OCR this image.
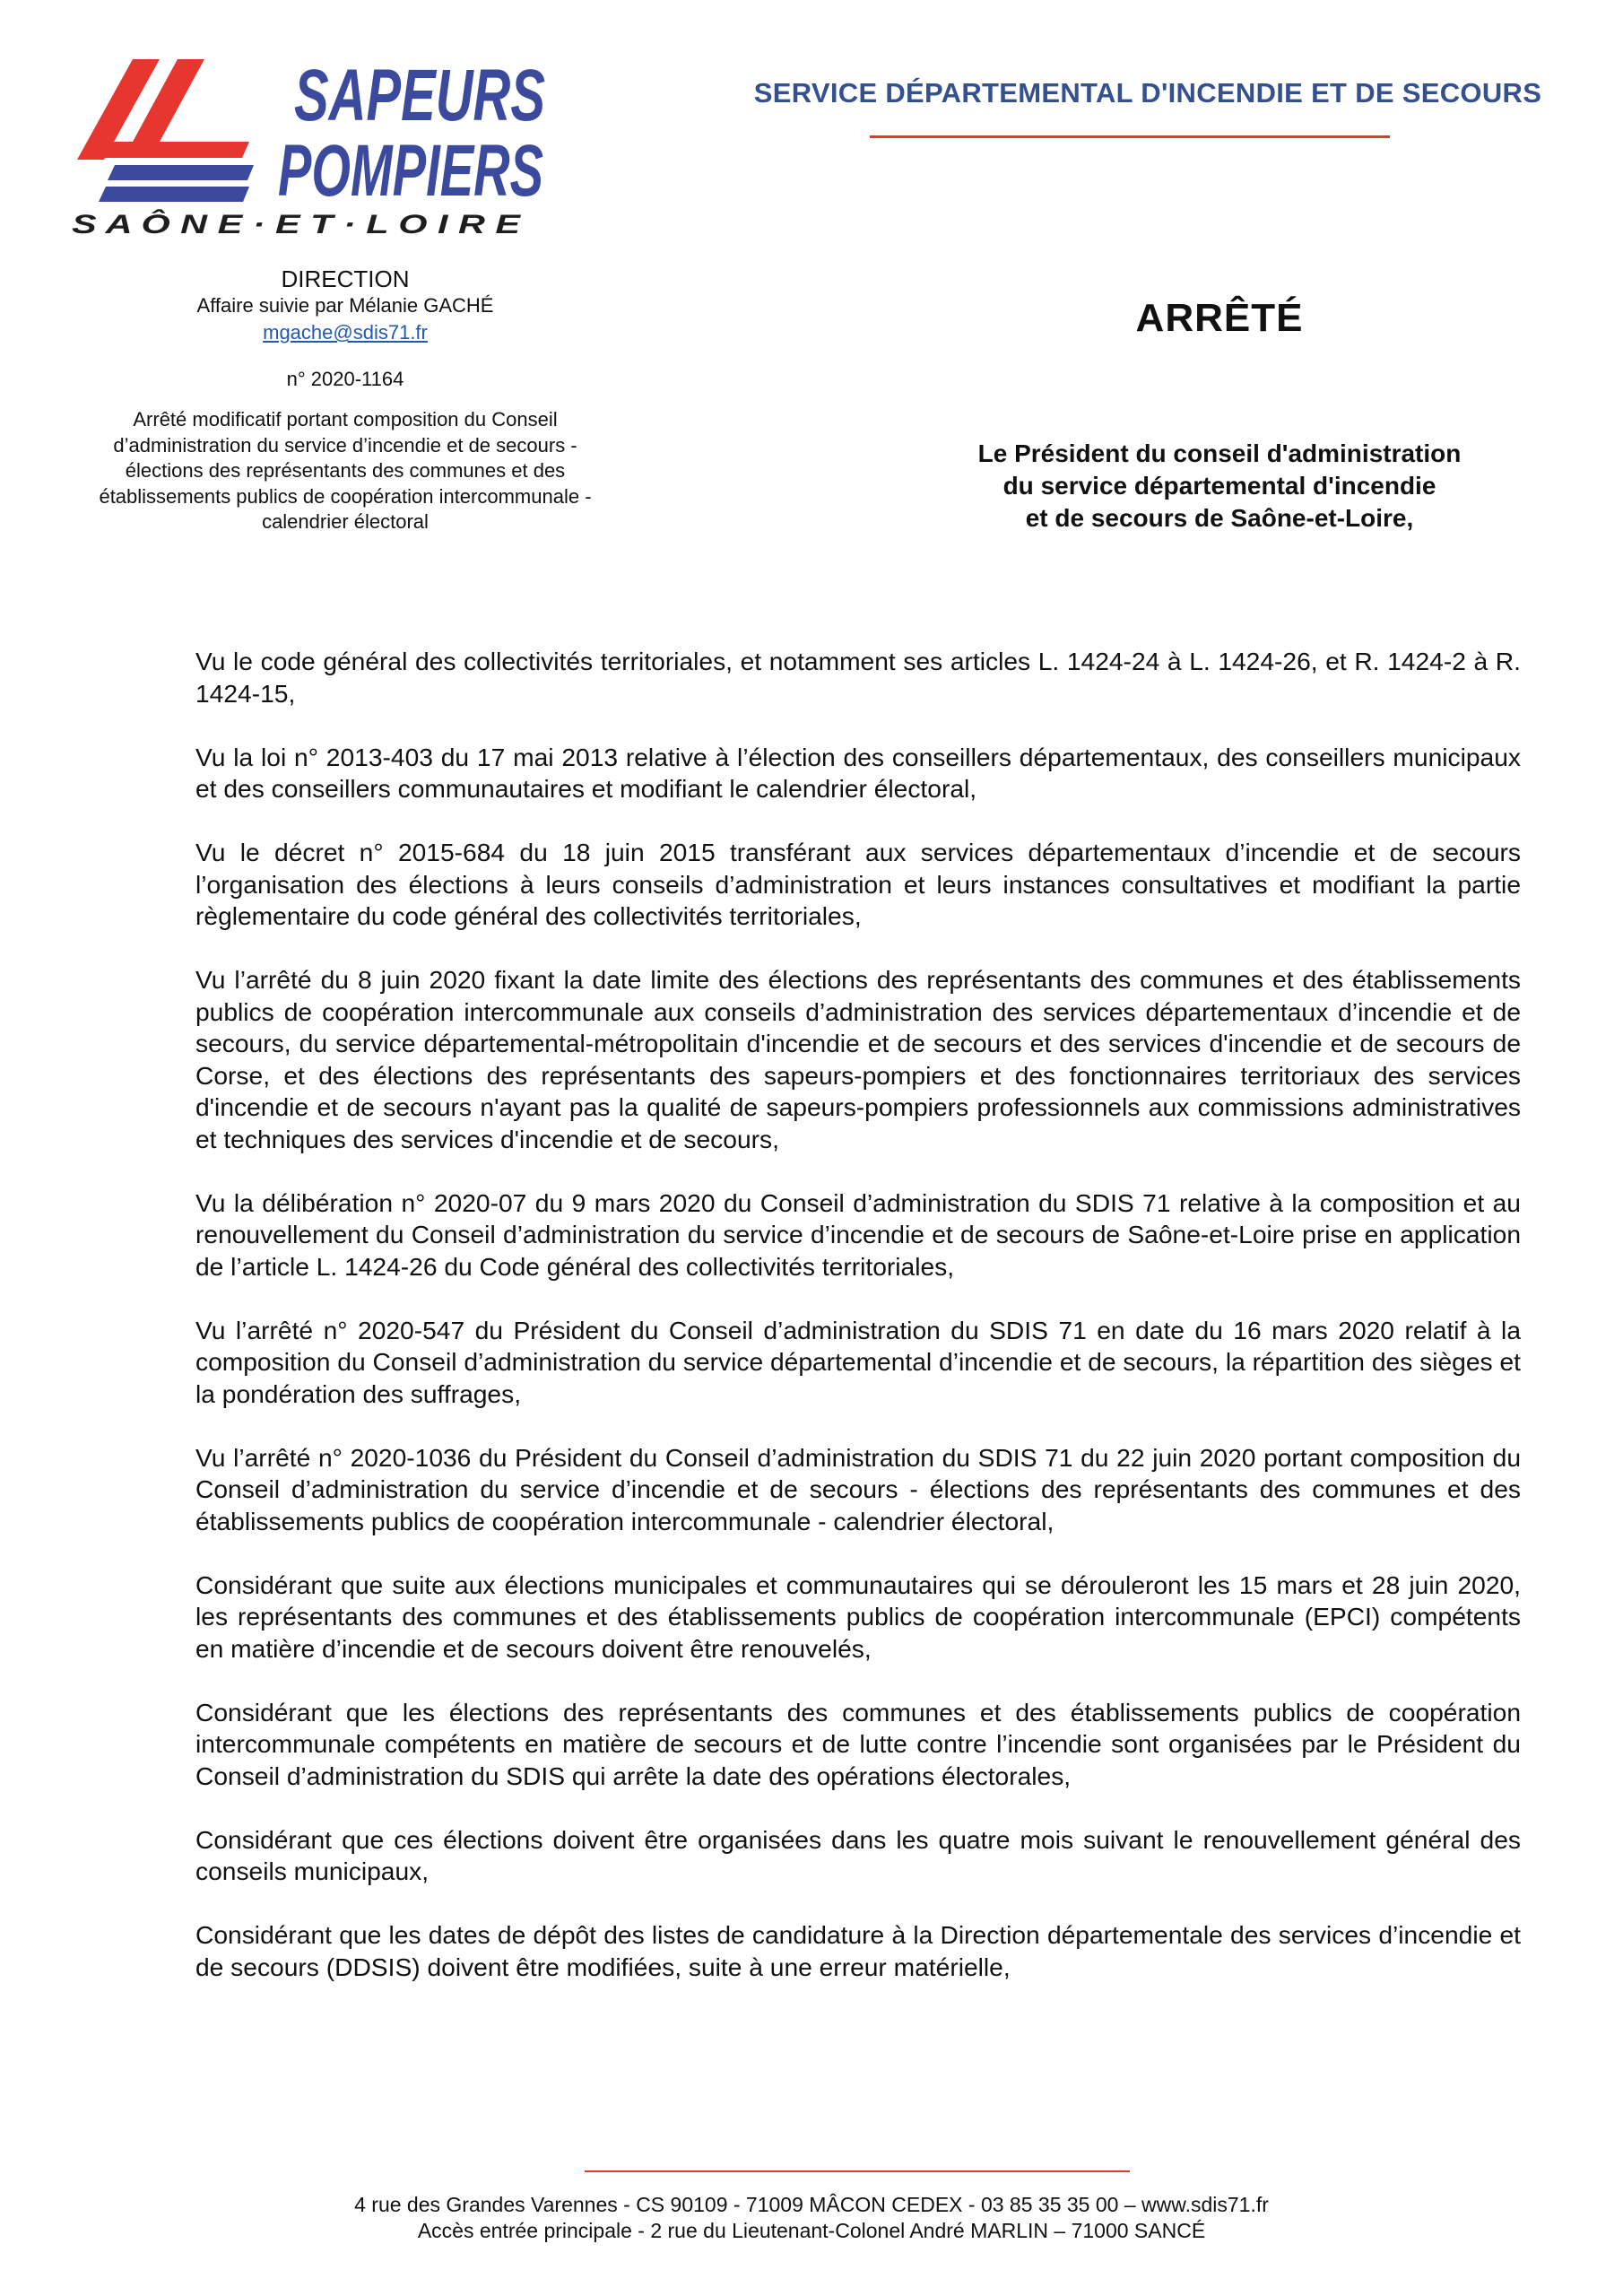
SAPEURS
POMPIERS
S A Ô N E · E T · L O I R E
SERVICE DÉPARTEMENTAL D'INCENDIE ET DE SECOURS
DIRECTION
Affaire suivie par Mélanie GACHÉ
mgache@sdis71.fr
n° 2020-1164
Arrêté modificatif portant composition du Conseil d’administration du service d’incendie et de secours - élections des représentants des communes et des établissements publics de coopération intercommunale - calendrier électoral
ARRÊTÉ
Le Président du conseil d'administration
du service départemental d'incendie
et de secours de Saône-et-Loire,

Vu le code général des collectivités territoriales, et notamment ses articles L. 1424-24 à L. 1424-26, et R. 1424-2 à R. 1424-15,

Vu la loi n° 2013-403 du 17 mai 2013 relative à l’élection des conseillers départementaux, des conseillers municipaux et des conseillers communautaires et modifiant le calendrier électoral,

Vu le décret n° 2015-684 du 18 juin 2015 transférant aux services départementaux d’incendie et de secours l’organisation des élections à leurs conseils d’administration et leurs instances consultatives et modifiant la partie règlementaire du code général des collectivités territoriales,

Vu l’arrêté du 8 juin 2020 fixant la date limite des élections des représentants des communes et des établissements publics de coopération intercommunale aux conseils d’administration des services départementaux d’incendie et de secours, du service départemental-métropolitain d'incendie et de secours et des services d'incendie et de secours de Corse, et des élections des représentants des sapeurs-pompiers et des fonctionnaires territoriaux des services d'incendie et de secours n'ayant pas la qualité de sapeurs-pompiers professionnels aux commissions administratives et techniques des services d'incendie et de secours,

Vu la délibération n° 2020-07 du 9 mars 2020 du Conseil d’administration du SDIS 71 relative à la composition et au renouvellement du Conseil d’administration du service d’incendie et de secours de Saône-et-Loire prise en application de l’article L. 1424-26 du Code général des collectivités territoriales,

Vu l’arrêté n° 2020-547 du Président du Conseil d’administration du SDIS 71 en date du 16 mars 2020 relatif à la composition du Conseil d’administration du service départemental d’incendie et de secours, la répartition des sièges et la pondération des suffrages,

Vu l’arrêté n° 2020-1036 du Président du Conseil d’administration du SDIS 71 du 22 juin 2020 portant composition du Conseil d’administration du service d’incendie et de secours - élections des représentants des communes et des établissements publics de coopération intercommunale - calendrier électoral,

Considérant que suite aux élections municipales et communautaires qui se dérouleront les 15 mars et 28 juin 2020, les représentants des communes et des établissements publics de coopération intercommunale (EPCI) compétents en matière d’incendie et de secours doivent être renouvelés,

Considérant que les élections des représentants des communes et des établissements publics de coopération intercommunale compétents en matière de secours et de lutte contre l’incendie sont organisées par le Président du Conseil d’administration du SDIS qui arrête la date des opérations électorales,

Considérant que ces élections doivent être organisées dans les quatre mois suivant le renouvellement général des conseils municipaux,

Considérant que les dates de dépôt des listes de candidature à la Direction départementale des services d’incendie et de secours (DDSIS) doivent être modifiées, suite à une erreur matérielle,

4 rue des Grandes Varennes - CS 90109 - 71009 MÂCON CEDEX - 03 85 35 35 00 – www.sdis71.fr
Accès entrée principale - 2 rue du Lieutenant-Colonel André MARLIN – 71000 SANCÉ
